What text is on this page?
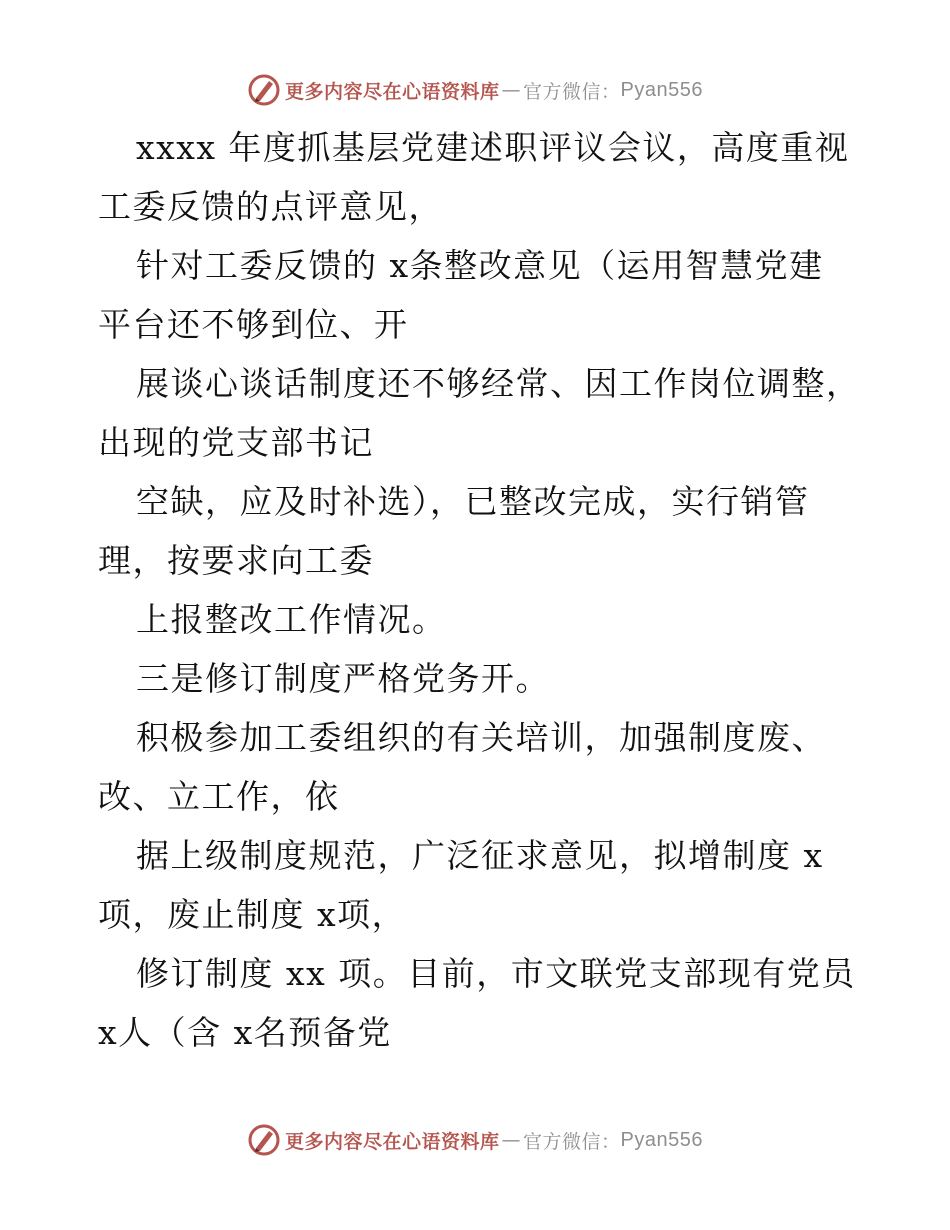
更多内容尽在心语资料库 — 官方微信： Pyan556
xxxx 年度抓基层党建述职评议会议，高度重视
工委反馈的点评意见，
针对工委反馈的 x条整改意见（运用智慧党建
平台还不够到位、开
展谈心谈话制度还不够经常、因工作岗位调整，
出现的党支部书记
空缺，应及时补选），已整改完成，实行销管
理，按要求向工委
上报整改工作情况。
三是修订制度严格党务开。
积极参加工委组织的有关培训，加强制度废、
改、立工作，依
据上级制度规范，广泛征求意见，拟增制度 x
项，废止制度 x项，
修订制度 xx 项。目前，市文联党支部现有党员
x人（含 x名预备党
更多内容尽在心语资料库 — 官方微信： Pyan556
